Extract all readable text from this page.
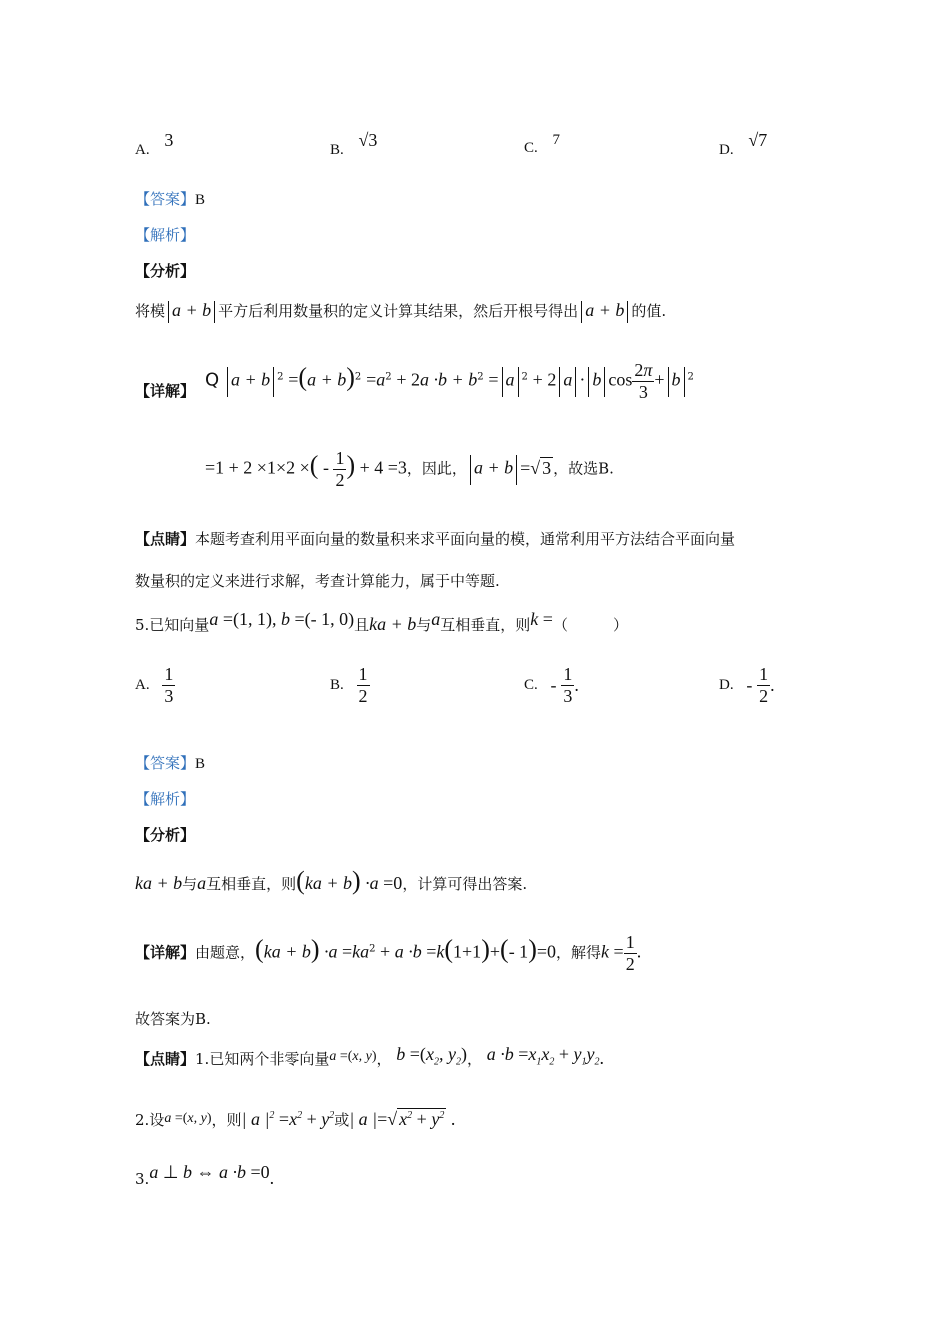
A. 3	B. √3	C. 7
D. √7
【答案】B
【解析】
【分析】
将模 a + b 平方后利用数量积的定义计算其结果，然后开根号得出 a + b 的值.
【详解】
Q a + b $^2 =(a + b)^2 =a^2 + 2a \cdot b + b^2 = a$ $^2$ + 2 a · b $\cos \frac{2\pi}{3} + b$ $^2$
=1 + 2 ×1×2 ×( - $\frac{1}{2}$ ) + 4 =3，因此， a + b =√ 3 ，故选B.
【点睛】本题考查利用平面向量的数量积来求平面向量的模，通常利用平方法结合平面向量
数量积的定义来进行求解，考查计算能力，属于中等题.
5.已知向量a =(1, 1), b =(- 1, 0)且ka + b与a互相垂直，则k =（　　　）
A. $\frac{1}{3}$	B. $\frac{1}{2}$	C. - $\frac{1}{3}$ .	D. - $\frac{1}{2}$ .
【答案】B
【解析】
【分析】
ka + b与a互相垂直，则(ka + b) ·a =0，计算可得出答案.
【详解】由题意，$(ka + b) \cdot a =ka^2 + a \cdot b =k(1+1)+(-$ 1)=0，解得$k = \frac{1}{2}$ .
故答案为B.
【点睛】1.已知两个非零向量a =(x, y)， $b =(x_2$, $y_2$)， $a \cdot b =x_1x_2 + y_1y_2$.
2.设a =(x, y)，则| a $|^2 =x^2 + y^2$或| a |=√ $x^2 + y^2$ .
3.a ⊥ b ⇔ a ·b =0.
